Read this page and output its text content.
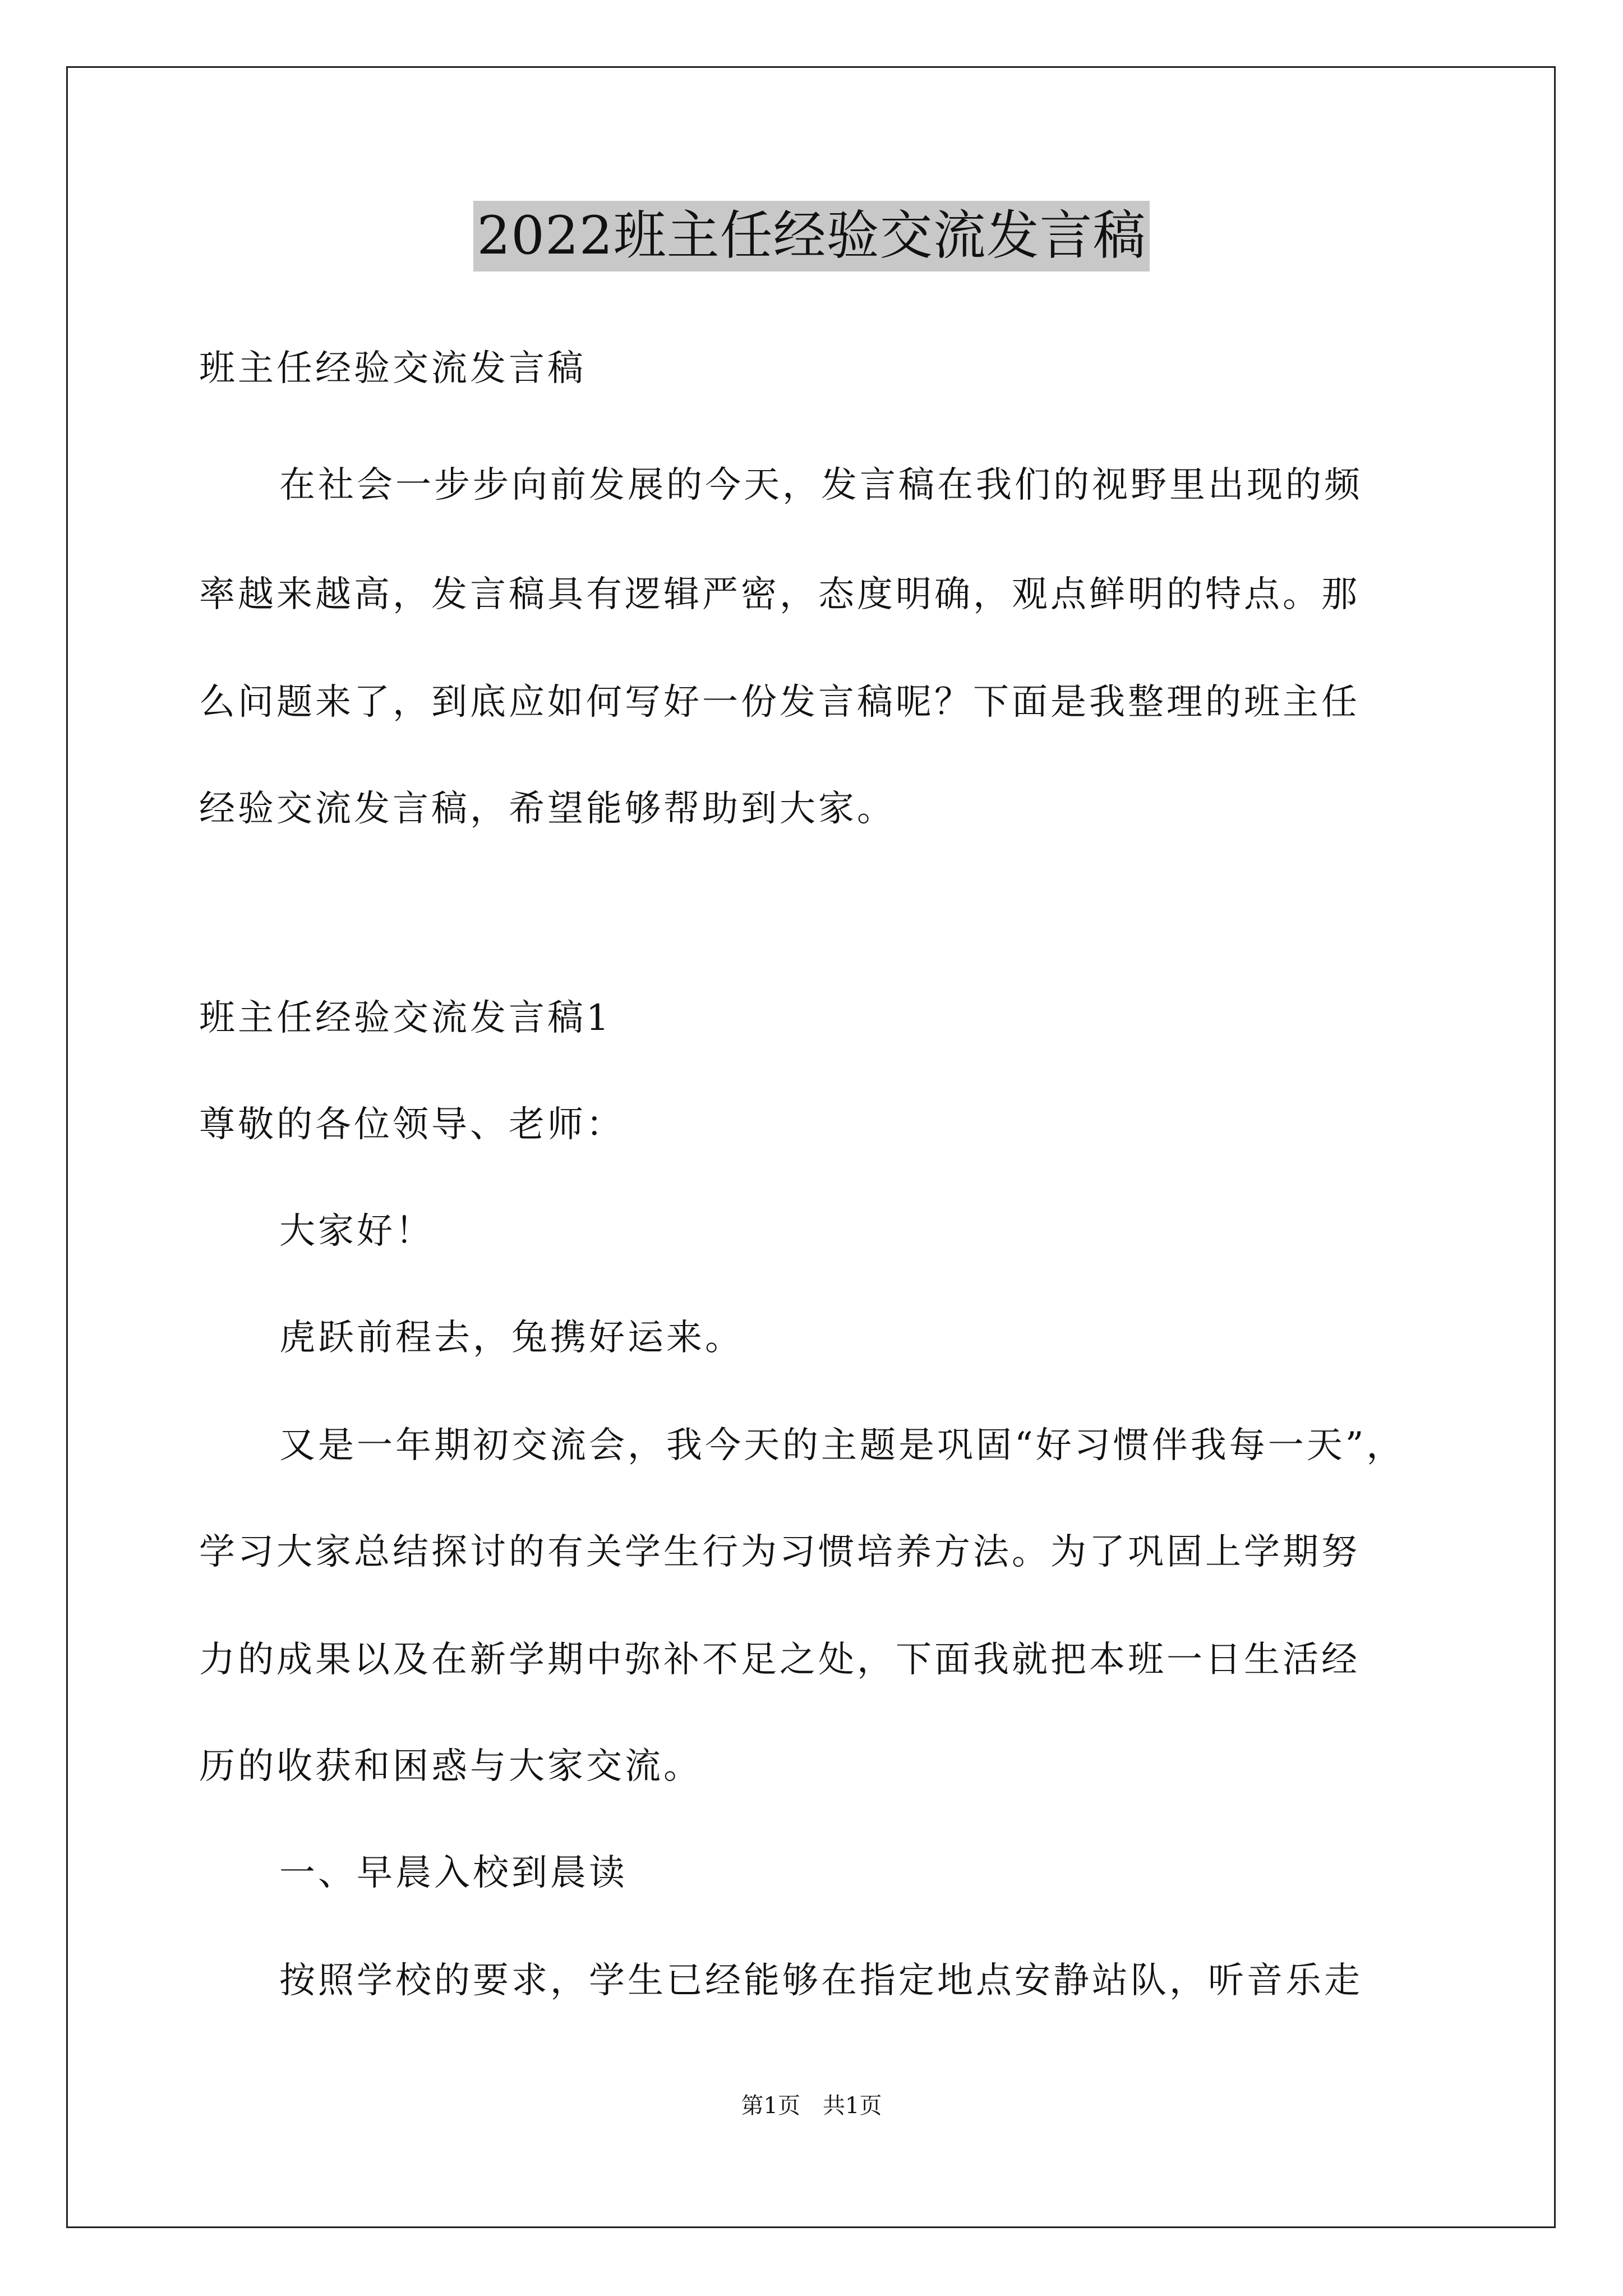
2022班主任经验交流发言稿
班主任经验交流发言稿
在社会一步步向前发展的今天，发言稿在我们的视野里出现的频
率越来越高，发言稿具有逻辑严密，态度明确，观点鲜明的特点。那
么问题来了，到底应如何写好一份发言稿呢？下面是我整理的班主任
经验交流发言稿，希望能够帮助到大家。
班主任经验交流发言稿1
尊敬的各位领导、老师：
大家好！
虎跃前程去，兔携好运来。
又是一年期初交流会，我今天的主题是巩固“好习惯伴我每一天”，
学习大家总结探讨的有关学生行为习惯培养方法。为了巩固上学期努
力的成果以及在新学期中弥补不足之处，下面我就把本班一日生活经
历的收获和困惑与大家交流。
一、早晨入校到晨读
按照学校的要求，学生已经能够在指定地点安静站队，听音乐走
第1页　共1页
